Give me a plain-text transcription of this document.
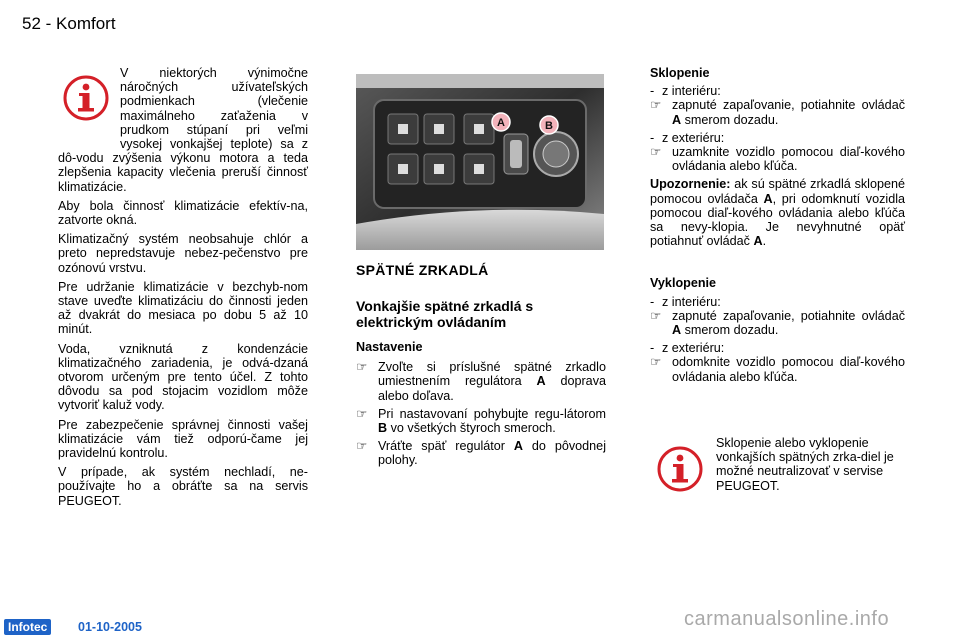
52 - Komfort

V niektorých výnimočne náročných užívateľských podmienkach (vlečenie maximálneho zaťaženia v prudkom stúpaní pri veľmi vysokej vonkajšej teplote) sa z dô-vodu zvýšenia výkonu motora a teda zlepšenia kapacity vlečenia preruší činnosť klimatizácie.

Aby bola činnosť klimatizácie efektív-na, zatvorte okná.

Klimatizačný systém neobsahuje chlór a preto nepredstavuje nebez-pečenstvo pre ozónovú vrstvu.

Pre udržanie klimatizácie v bezchyb-nom stave uveďte klimatizáciu do činnosti jeden až dvakrát do mesiaca po dobu 5 až 10 minút.

Voda, vzniknutá z kondenzácie klimatizačného zariadenia, je odvá-dzaná otvorom určeným pre tento účel. Z tohto dôvodu sa pod stojacim vozidlom môže vytvoriť kaluž vody.

Pre zabezpečenie správnej činnosti vašej klimatizácie vám tiež odporú-čame jej pravidelnú kontrolu.

V prípade, ak systém nechladí, ne-používajte ho a obráťte sa na servis PEUGEOT.

A	B
SPÄTNÉ ZRKADLÁ
Vonkajšie spätné zrkadlá s elektrickým ovládaním
Nastavenie
☞ Zvoľte si príslušné spätné zrkadlo umiestnením regulátora A doprava alebo doľava.
☞ Pri nastavovaní pohybujte regu-látorom B vo všetkých štyroch smeroch.
☞ Vráťte späť regulátor A do pôvodnej polohy.
Sklopenie
- z interiéru:
☞ zapnuté zapaľovanie, potiahnite ovládač A smerom dozadu.
- z exteriéru:
☞ uzamknite vozidlo pomocou diaľ-kového ovládania alebo kľúča.

Upozornenie: ak sú spätné zrkadlá sklopené pomocou ovládača A, pri odomknutí vozidla pomocou diaľ-kového ovládania alebo kľúča sa nevy-klopia. Je nevyhnutné opäť potiahnuť ovládač A.

Vyklopenie
- z interiéru:
☞ zapnuté zapaľovanie, potiahnite ovládač A smerom dozadu.
- z exteriéru:
☞ odomknite vozidlo pomocou diaľ-kového ovládania alebo kľúča.
Sklopenie alebo vyklopenie vonkajších spätných zrka-diel je možné neutralizovať v servise PEUGEOT.
Infotec	01-10-2005	carmanualsonline.info
